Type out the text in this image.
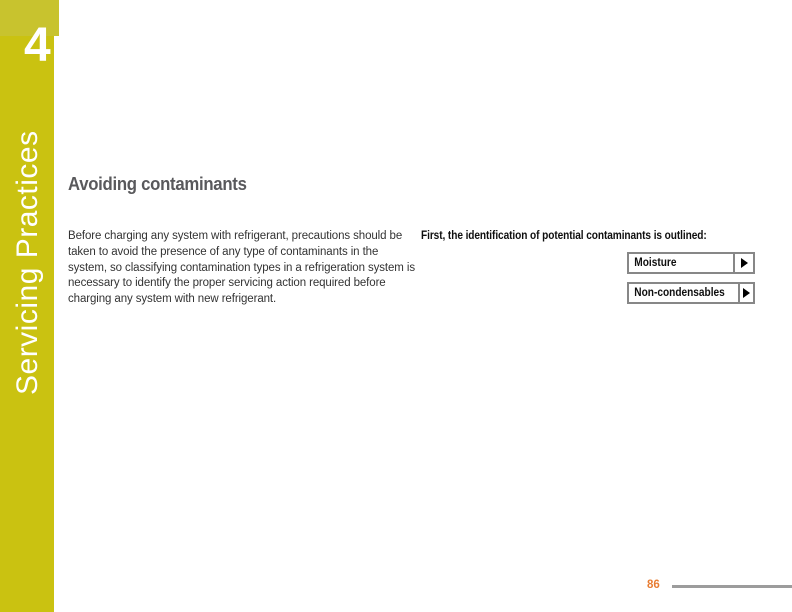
4
Servicing Practices Avoiding contaminants

Before charging any system with refrigerant, precautions should be taken to avoid the presence of any type of contaminants in the system, so classifying contamination types in a refrigeration system is necessary to identify the proper servicing action required before charging any system with new refrigerant.

First, the identification of potential contaminants is outlined:
Moisture
Non-condensables
86
